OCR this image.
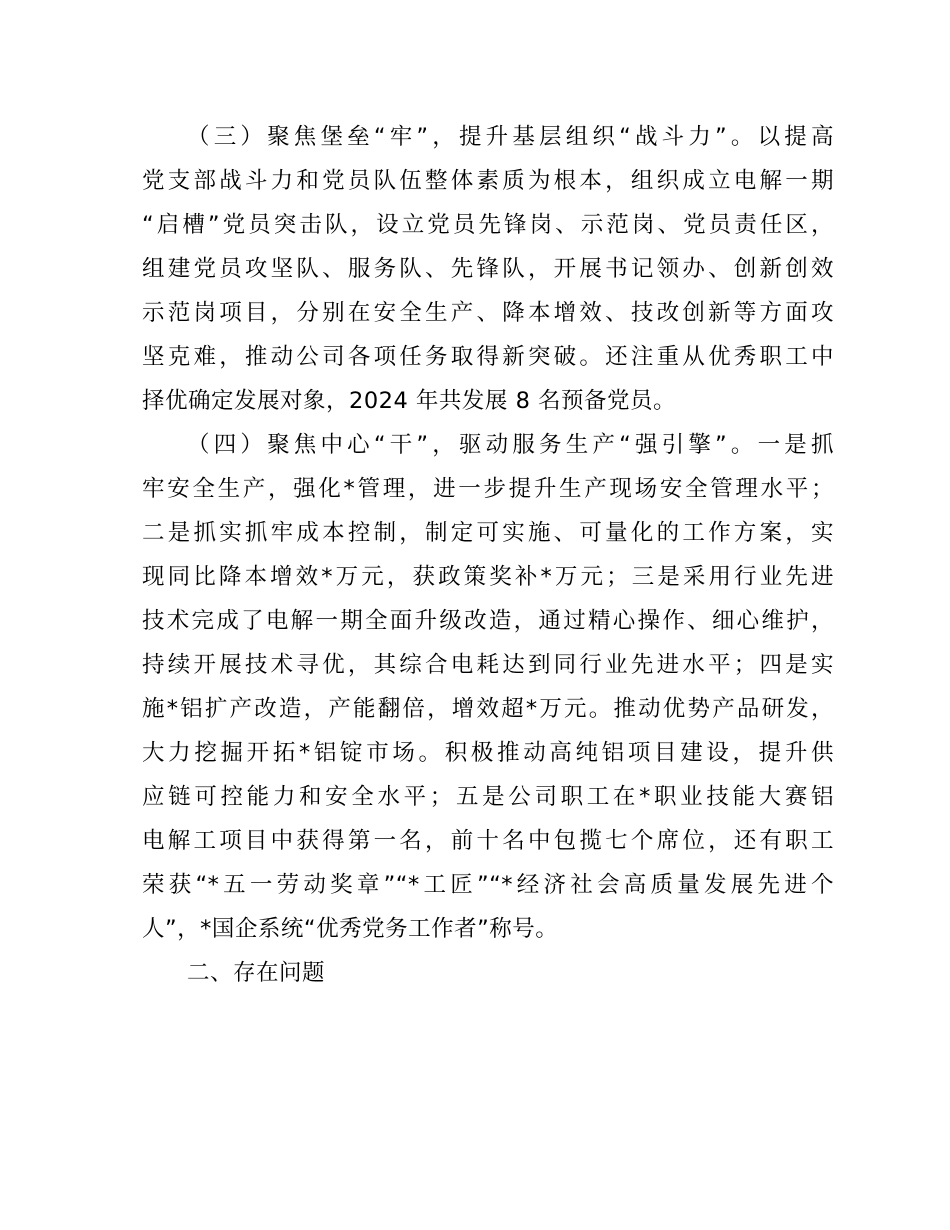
（三）聚焦堡垒“牢”，提升基层组织“战斗力”。以提高
党支部战斗力和党员队伍整体素质为根本，组织成立电解一期
“启槽”党员突击队，设立党员先锋岗、示范岗、党员责任区，
组建党员攻坚队、服务队、先锋队，开展书记领办、创新创效
示范岗项目，分别在安全生产、降本增效、技改创新等方面攻
坚克难，推动公司各项任务取得新突破。还注重从优秀职工中
择优确定发展对象，2024 年共发展 8 名预备党员。
（四）聚焦中心“干”，驱动服务生产“强引擎”。一是抓
牢安全生产，强化*管理，进一步提升生产现场安全管理水平；
二是抓实抓牢成本控制，制定可实施、可量化的工作方案，实
现同比降本增效*万元，获政策奖补*万元；三是采用行业先进
技术完成了电解一期全面升级改造，通过精心操作、细心维护，
持续开展技术寻优，其综合电耗达到同行业先进水平；四是实
施*铝扩产改造，产能翻倍，增效超*万元。推动优势产品研发，
大力挖掘开拓*铝锭市场。积极推动高纯铝项目建设，提升供
应链可控能力和安全水平；五是公司职工在*职业技能大赛铝
电解工项目中获得第一名，前十名中包揽七个席位，还有职工
荣获“*五一劳动奖章”“*工匠”“*经济社会高质量发展先进个
人”，*国企系统“优秀党务工作者”称号。
二、存在问题
